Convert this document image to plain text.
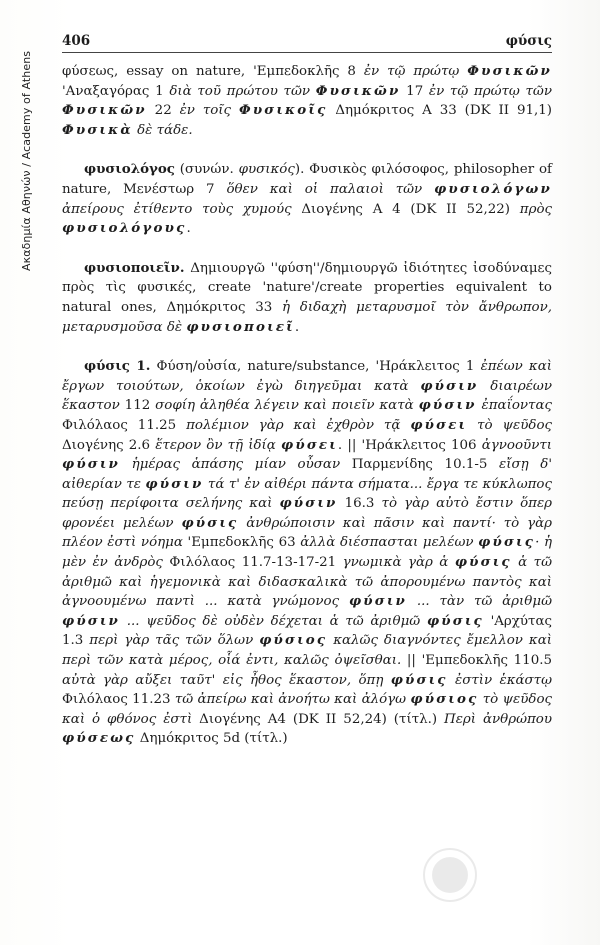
Ακαδημία Αθηνών / Academy of Athens
406	φύσις

φύσεως, essay on nature, 'Εμπεδοκλῆς 8 ἐν τῷ πρώτῳ Φυσικῶν 'Αναξαγόρας 1 διὰ τοῦ πρώτου τῶν Φυσικῶν 17 ἐν τῷ πρώτῳ τῶν Φυσικῶν 22 ἐν τοῖς Φυσικοῖς Δημόκριτος Α 33 (DK II 91,1) Φυσικὰ δὲ τάδε.

φυσιολόγος (συνών. φυσικός). Φυσικὸς φιλόσοφος, philosopher of nature, Μενέστωρ 7 ὅθεν καὶ οἱ παλαιοὶ τῶν φυσιολόγων ἀπείρους ἐτίθεντο τοὺς χυμούς Διογένης Α 4 (DK II 52,22) πρὸς φυσιολόγους.

φυσιοποιεῖν. Δημιουργῶ ''φύση''/δημιουργῶ ἰδιότητες ἰσοδύναμες πρὸς τὶς φυσικές, create 'nature'/create properties equivalent to natural ones, Δημόκριτος 33 ἡ διδαχὴ μεταρυσμοῖ τὸν ἄνθρωπον, μεταρυσμοῦσα δὲ φυσιοποιεῖ.

φύσις 1. Φύση/οὐσία, nature/substance, 'Ηράκλειτος 1 ἐπέων καὶ ἔργων τοιούτων, ὁκοίων ἐγὼ διηγεῦμαι κατὰ φύσιν διαιρέων ἕκαστον 112 σοφίη ἀληθέα λέγειν καὶ ποιεῖν κατὰ φύσιν ἐπαΐοντας Φιλόλαος 11.25 πολέμιον γὰρ καὶ ἐχθρὸν τᾷ φύσει τὸ ψεῦδος Διογένης 2.6 ἕτερον ὂν τῇ ἰδίᾳ φύσει. || 'Ηράκλειτος 106 ἀγνοοῦντι φύσιν ἡμέρας ἁπάσης μίαν οὖσαν Παρμενίδης 10.1-5 εἴσῃ δ' αἰθερίαν τε φύσιν τά τ' ἐν αἰθέρι πάντα σήματα... ἔργα τε κύκλωπος πεύσῃ περίφοιτα σελήνης καὶ φύσιν 16.3 τὸ γὰρ αὐτὸ ἔστιν ὅπερ φρονέει μελέων φύσις ἀνθρώποισιν καὶ πᾶσιν καὶ παντί· τὸ γὰρ πλέον ἐστὶ νόημα 'Εμπεδοκλῆς 63 ἀλλὰ διέσπασται μελέων φύσις· ἡ μὲν ἐν ἀνδρὸς Φιλόλαος 11.7-13-17-21 γνωμικὰ γὰρ ἁ φύσις ἁ τῶ ἀριθμῶ καὶ ἡγεμονικὰ καὶ διδασκαλικὰ τῶ ἀπορουμένω παντὸς καὶ ἀγνοουμένω παντὶ ... κατὰ γνώμονος φύσιν ... τὰν τῶ ἀριθμῶ φύσιν ... ψεῦδος δὲ οὐδὲν δέχεται ἁ τῶ ἀριθμῶ φύσις 'Αρχύτας 1.3 περὶ γὰρ τᾶς τῶν ὅλων φύσιος καλῶς διαγνόντες ἔμελλον καὶ περὶ τῶν κατὰ μέρος, οἷά ἐντι, καλῶς ὀψεῖσθαι. || 'Εμπεδοκλῆς 110.5 αὐτὰ γὰρ αὔξει ταῦτ' εἰς ἦθος ἕκαστον, ὅπῃ φύσις ἐστὶν ἑκάστῳ Φιλόλαος 11.23 τῶ ἀπείρω καὶ ἀνοήτω καὶ ἀλόγω φύσιος τὸ ψεῦδος καὶ ὁ φθόνος ἐστὶ Διογένης Α4 (DK II 52,24) (τίτλ.) Περὶ ἀνθρώπου φύσεως Δημόκριτος 5d (τίτλ.)
